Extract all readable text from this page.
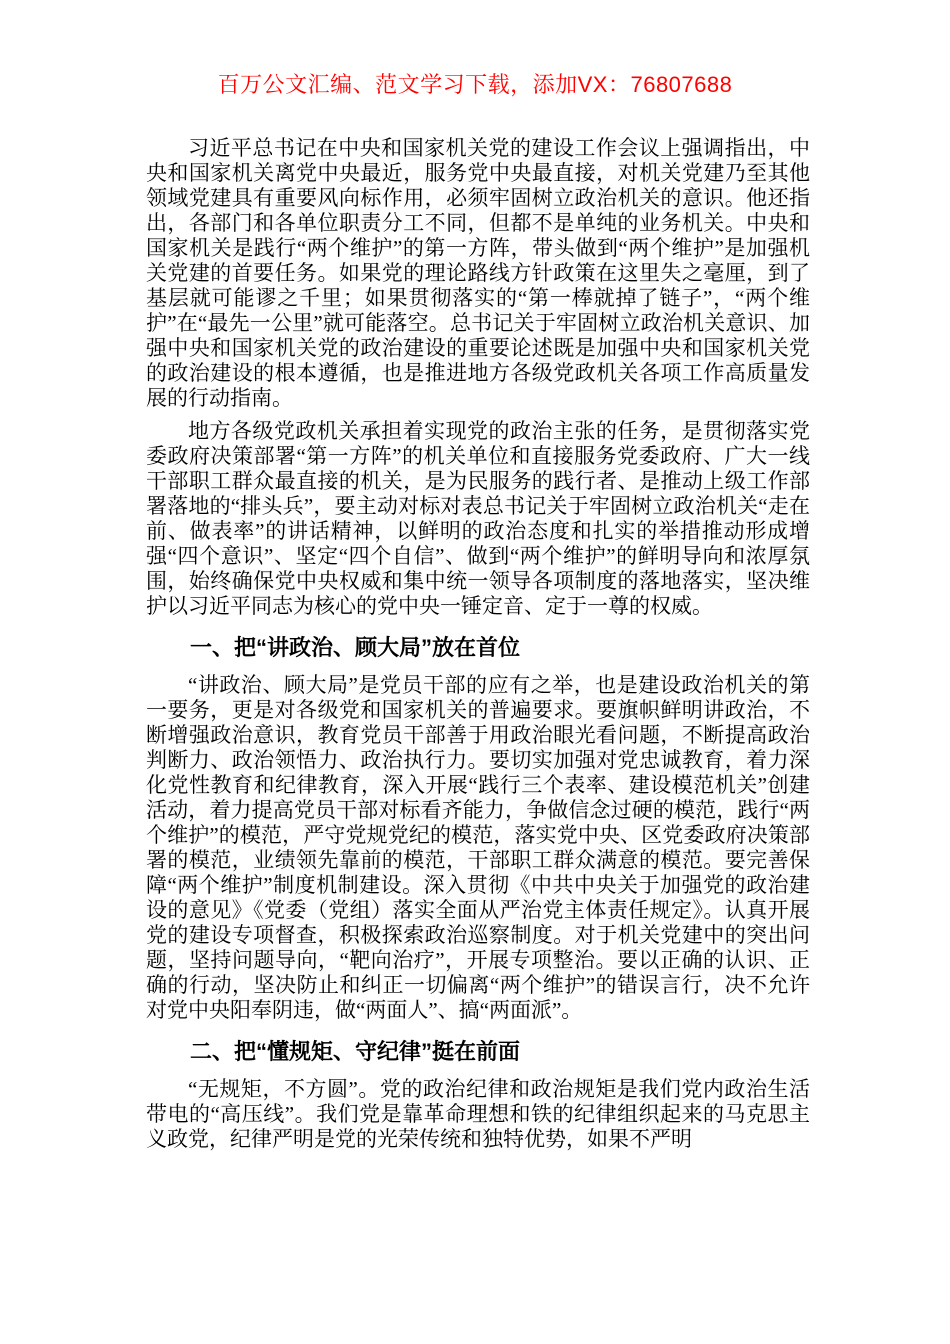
百万公文汇编、范文学习下载，添加VX：76807688

习近平总书记在中央和国家机关党的建设工作会议上强调指出，中央和国家机关离党中央最近，服务党中央最直接，对机关党建乃至其他领域党建具有重要风向标作用，必须牢固树立政治机关的意识。他还指出，各部门和各单位职责分工不同，但都不是单纯的业务机关。中央和国家机关是践行“两个维护”的第一方阵，带头做到“两个维护”是加强机关党建的首要任务。如果党的理论路线方针政策在这里失之毫厘，到了基层就可能谬之千里；如果贯彻落实的“第一棒就掉了链子”，“两个维护”在“最先一公里”就可能落空。总书记关于牢固树立政治机关意识、加强中央和国家机关党的政治建设的重要论述既是加强中央和国家机关党的政治建设的根本遵循，也是推进地方各级党政机关各项工作高质量发展的行动指南。

地方各级党政机关承担着实现党的政治主张的任务，是贯彻落实党委政府决策部署“第一方阵”的机关单位和直接服务党委政府、广大一线干部职工群众最直接的机关，是为民服务的践行者、是推动上级工作部署落地的“排头兵”，要主动对标对表总书记关于牢固树立政治机关“走在前、做表率”的讲话精神，以鲜明的政治态度和扎实的举措推动形成增强“四个意识”、坚定“四个自信”、做到“两个维护”的鲜明导向和浓厚氛围，始终确保党中央权威和集中统一领导各项制度的落地落实，坚决维护以习近平同志为核心的党中央一锤定音、定于一尊的权威。

一、把“讲政治、顾大局”放在首位

“讲政治、顾大局”是党员干部的应有之举，也是建设政治机关的第一要务，更是对各级党和国家机关的普遍要求。要旗帜鲜明讲政治，不断增强政治意识，教育党员干部善于用政治眼光看问题，不断提高政治判断力、政治领悟力、政治执行力。要切实加强对党忠诚教育，着力深化党性教育和纪律教育，深入开展“践行三个表率、建设模范机关”创建活动，着力提高党员干部对标看齐能力，争做信念过硬的模范，践行“两个维护”的模范，严守党规党纪的模范，落实党中央、区党委政府决策部署的模范，业绩领先靠前的模范，干部职工群众满意的模范。要完善保障“两个维护”制度机制建设。深入贯彻《中共中央关于加强党的政治建设的意见》《党委（党组）落实全面从严治党主体责任规定》。认真开展党的建设专项督查，积极探索政治巡察制度。对于机关党建中的突出问题，坚持问题导向，“靶向治疗”，开展专项整治。要以正确的认识、正确的行动，坚决防止和纠正一切偏离“两个维护”的错误言行，决不允许对党中央阳奉阴违，做“两面人”、搞“两面派”。

二、把“懂规矩、守纪律”挺在前面

“无规矩，不方圆”。党的政治纪律和政治规矩是我们党内政治生活带电的“高压线”。我们党是靠革命理想和铁的纪律组织起来的马克思主义政党，纪律严明是党的光荣传统和独特优势，如果不严明
